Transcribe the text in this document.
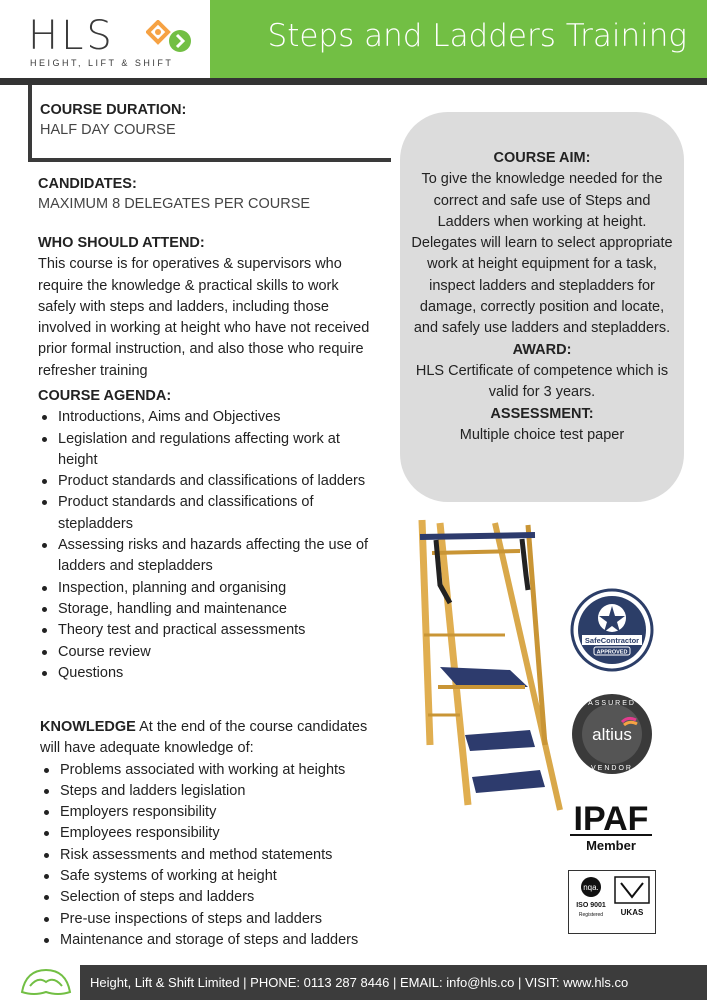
HLS
HEIGHT, LIFT & SHIFT
Steps and Ladders Training
COURSE DURATION:
HALF DAY COURSE
CANDIDATES:
MAXIMUM 8 DELEGATES PER COURSE
WHO SHOULD ATTEND:
This course is for operatives & supervisors who require the knowledge & practical skills to work safely with steps and ladders, including those involved in working at height who have not received prior formal instruction, and also those who require refresher training
COURSE AGENDA:
Introductions, Aims and Objectives
Legislation and regulations affecting work at height
Product standards and classifications of ladders
Product standards and classifications of stepladders
Assessing risks and hazards affecting the use of ladders and stepladders
Inspection, planning and organising
Storage, handling and maintenance
Theory test and practical assessments
Course review
Questions
KNOWLEDGE At the end of the course candidates will have adequate knowledge of:
Problems associated with working at heights
Steps and ladders legislation
Employers responsibility
Employees responsibility
Risk assessments and method statements
Safe systems of working at height
Selection of steps and ladders
Pre-use inspections of steps and ladders
Maintenance and storage of steps and ladders
COURSE AIM:
To give the knowledge needed for the correct and safe use of Steps and Ladders when working at height. Delegates will learn to select appropriate work at height equipment for a task, inspect ladders and stepladders for damage, correctly position and locate, and safely use ladders and stepladders.
AWARD:
HLS Certificate of competence which is valid for 3 years.
ASSESSMENT:
Multiple choice test paper
SafeContractor
APPROVED
ASSURED
altius
VENDOR
IPAF
Member
nqa.
ISO 9001
Registered UKAS
Height, Lift & Shift Limited | PHONE: 0113 287 8446 | EMAIL: info@hls.co | VISIT: www.hls.co
